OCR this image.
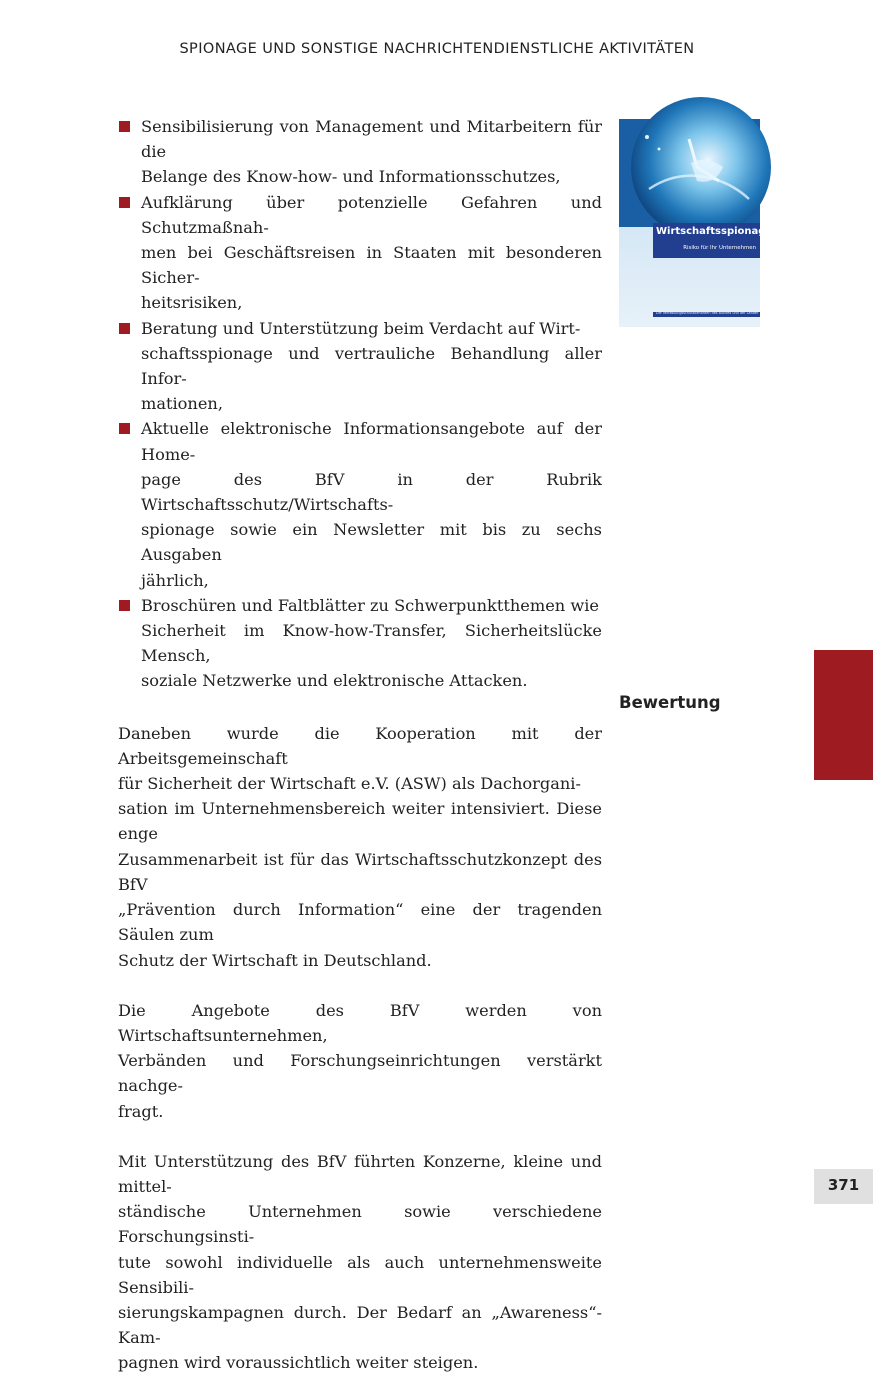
SPIONAGE UND SONSTIGE NACHRICHTENDIENSTLICHE AKTIVITÄTEN
Sensibilisierung von Management und Mitarbeitern für die
Belange des Know-how- und Informationsschutzes,
Aufklärung über potenzielle Gefahren und Schutzmaßnah-
men bei Geschäftsreisen in Staaten mit besonderen Sicher-
heitsrisiken,
Beratung und Unterstützung beim Verdacht auf Wirt-
schaftsspionage und vertrauliche Behandlung aller Infor-
mationen,
Aktuelle elektronische Informationsangebote auf der Home-
page des BfV in der Rubrik Wirtschaftsschutz/Wirtschafts-
spionage sowie ein Newsletter mit bis zu sechs Ausgaben
jährlich,
Broschüren und Faltblätter zu Schwerpunktthemen wie
Sicherheit im Know-how-Transfer, Sicherheitslücke Mensch,
soziale Netzwerke und elektronische Attacken.

Daneben wurde die Kooperation mit der Arbeitsgemeinschaft
für Sicherheit der Wirtschaft e.V. (ASW) als Dachorgani-
sation im Unternehmensbereich weiter intensiviert. Diese enge
Zusammenarbeit ist für das Wirtschaftsschutzkonzept des BfV
„Prävention durch Information“ eine der tragenden Säulen zum
Schutz der Wirtschaft in Deutschland.

Die Angebote des BfV werden von Wirtschaftsunternehmen,
Verbänden und Forschungseinrichtungen verstärkt nachge-
fragt.

Mit Unterstützung des BfV führten Konzerne, kleine und mittel-
ständische Unternehmen sowie verschiedene Forschungsinsti-
tute sowohl individuelle als auch unternehmensweite Sensibili-
sierungskampagnen durch. Der Bedarf an „Awareness“-Kam-
pagnen wird voraussichtlich weiter steigen.

Wirtschaftsspionage
Risiko für Ihr Unternehmen
Die Verfassungsschutzbehörden des Bundes und der Länder
Bewertung
371
